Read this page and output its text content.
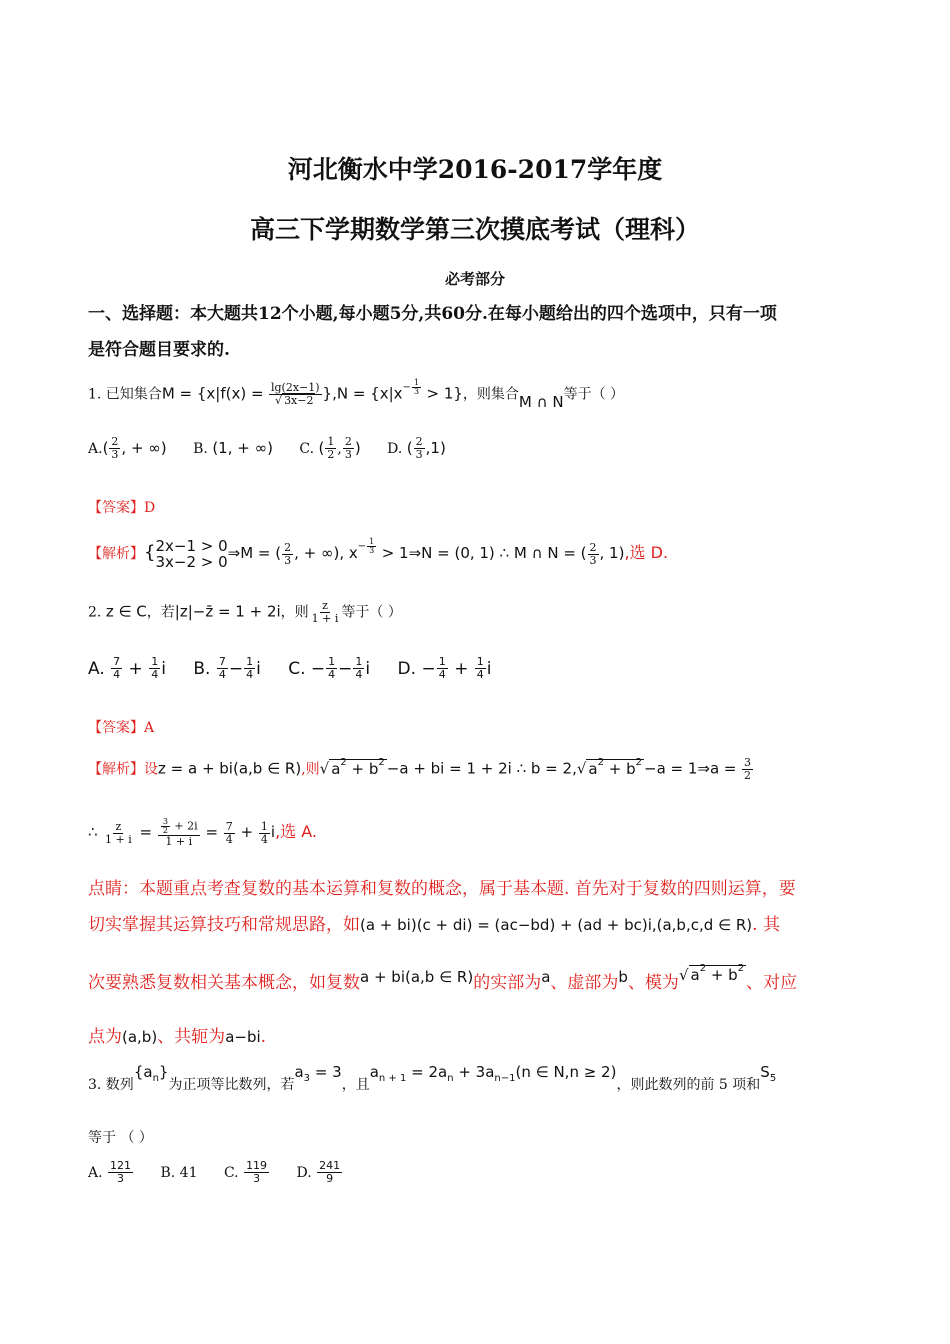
河北衡水中学2016-2017学年度
高三下学期数学第三次摸底考试（理科）
必考部分
一、选择题：本大题共12个小题,每小题5分,共60分.在每小题给出的四个选项中，只有一项
是符合题目要求的.
1. 已知集合$M = \{x|f(x) = \frac{\lg(2x-1)}{√ 3x-2} \},N = \{x|x^{- \frac{1}{3}} > 1\}$，则集合M ∩ N等于（ ）
$A.( \frac{2}{3}$ , + ∞) B. (1, + ∞) C. ( $\frac{1}{2}$ , $\frac{2}{3}$ ) D. ( $\frac{2}{3} ,1$)
【答案】D
【解析】{ 2x−1 > 0
3x−2 > 0 ⇒M = ( $\frac{2}{3}$ , + ∞), $x^{- \frac{1}{3}}$ > 1⇒N = (0, 1) ∴ M ∩ N = ( $\frac{2}{3}$ , 1),选 D.
2. z ∈ C，若|z|−z̄ = 1 + 2i，则 $\frac{z}{1 + i}$ 等于（ ）
A. $\frac{7}{4} + \frac{1}{4}$ i B. $\frac{7}{4} - \frac{1}{4}$ i C. − $\frac{1}{4} - \frac{1}{4}$ i D. − $\frac{1}{4} + \frac{1}{4}$ i
【答案】A
【解析】设z = a + bi(a,b ∈ R),则√ $a^2 + b^2 -a$ + bi = 1 + 2i ∴ b = 2,√ $a^2 + b^2 -a$ = 1⇒a = $\frac{3}{2}$
∴ $\frac{z}{1 + i} = \frac{\frac{3}{2} + 2i}{1 + i} = \frac{7}{4} + \frac{1}{4} i$,选 A.
点睛：本题重点考查复数的基本运算和复数的概念，属于基本题. 首先对于复数的四则运算，要
切实掌握其运算技巧和常规思路，如(a + bi)(c + di) = (ac−bd) + (ad + bc)i,(a,b,c,d ∈ R). 其
次要熟悉复数相关基本概念，如复数a + bi(a,b ∈ R)的实部为a、虚部为b、模为√ $a^2 + b^2$、对应
点为(a,b)、共轭为a−bi.
3. 数列$\{a_n\}$为正项等比数列，若$a_3 = 3$，且$a_{n + 1} = 2a_n + 3a_{n-1}(n$ ∈ N,n ≥ 2)，则此数列的前 5 项和$S_5$
等于 （ ）
A. $\frac{121}{3} B$. 41 C. $\frac{119}{3} D$. $\frac{241}{9}$
